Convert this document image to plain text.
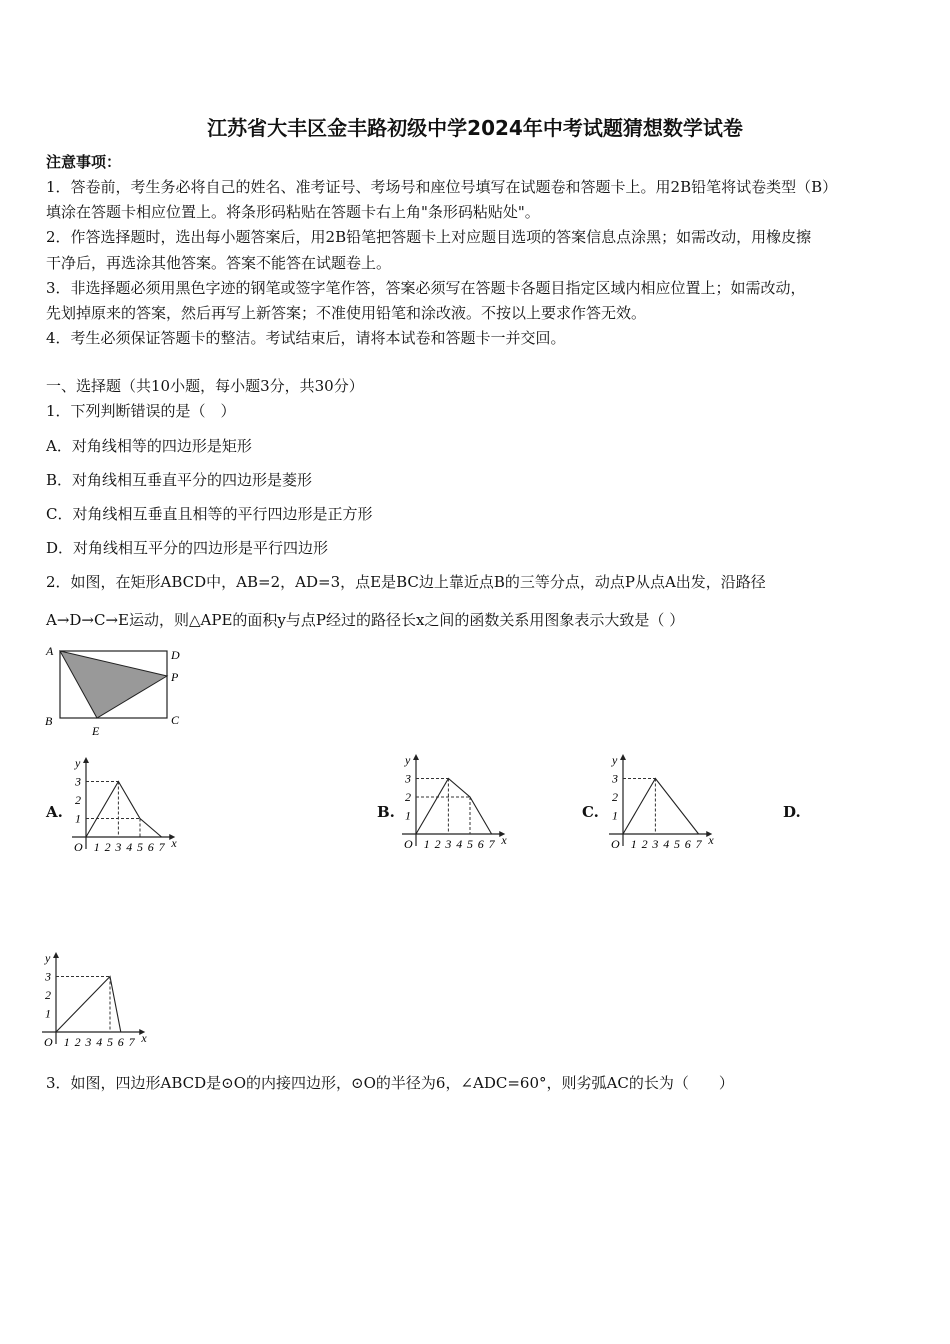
江苏省大丰区金丰路初级中学2024年中考试题猜想数学试卷
注意事项：
1．答卷前，考生务必将自己的姓名、准考证号、考场号和座位号填写在试题卷和答题卡上。用2B铅笔将试卷类型（B）
填涂在答题卡相应位置上。将条形码粘贴在答题卡右上角"条形码粘贴处"。
2．作答选择题时，选出每小题答案后，用2B铅笔把答题卡上对应题目选项的答案信息点涂黑；如需改动，用橡皮擦
干净后，再选涂其他答案。答案不能答在试题卷上。
3．非选择题必须用黑色字迹的钢笔或签字笔作答，答案必须写在答题卡各题目指定区域内相应位置上；如需改动，
先划掉原来的答案，然后再写上新答案；不准使用铅笔和涂改液。不按以上要求作答无效。
4．考生必须保证答题卡的整洁。考试结束后，请将本试卷和答题卡一并交回。
一、选择题（共10小题，每小题3分，共30分）
1．下列判断错误的是（　）
A．对角线相等的四边形是矩形
B．对角线相互垂直平分的四边形是菱形
C．对角线相互垂直且相等的平行四边形是正方形
D．对角线相互平分的四边形是平行四边形
2．如图，在矩形ABCD中，AB=2，AD=3，点E是BC边上靠近点B的三等分点，动点P从点A出发，沿路径
A→D→C→E运动，则△APE的面积y与点P经过的路径长x之间的函数关系用图象表示大致是（ ）
A	D
P
B	C
E
A.	B.	C.	D.
x
y
O 1 2 3 4 5 6 7
1
2
3
x
y
O 1 2 3 4 5 6 7
1
2
3
x
y
O 1 2 3 4 5 6 7
1
2
3
x
y
O 1 2 3 4 5 6 7
1
2
3
3．如图，四边形ABCD是⊙O的内接四边形，⊙O的半径为6，∠ADC=60°，则劣弧AC的长为（　　）
